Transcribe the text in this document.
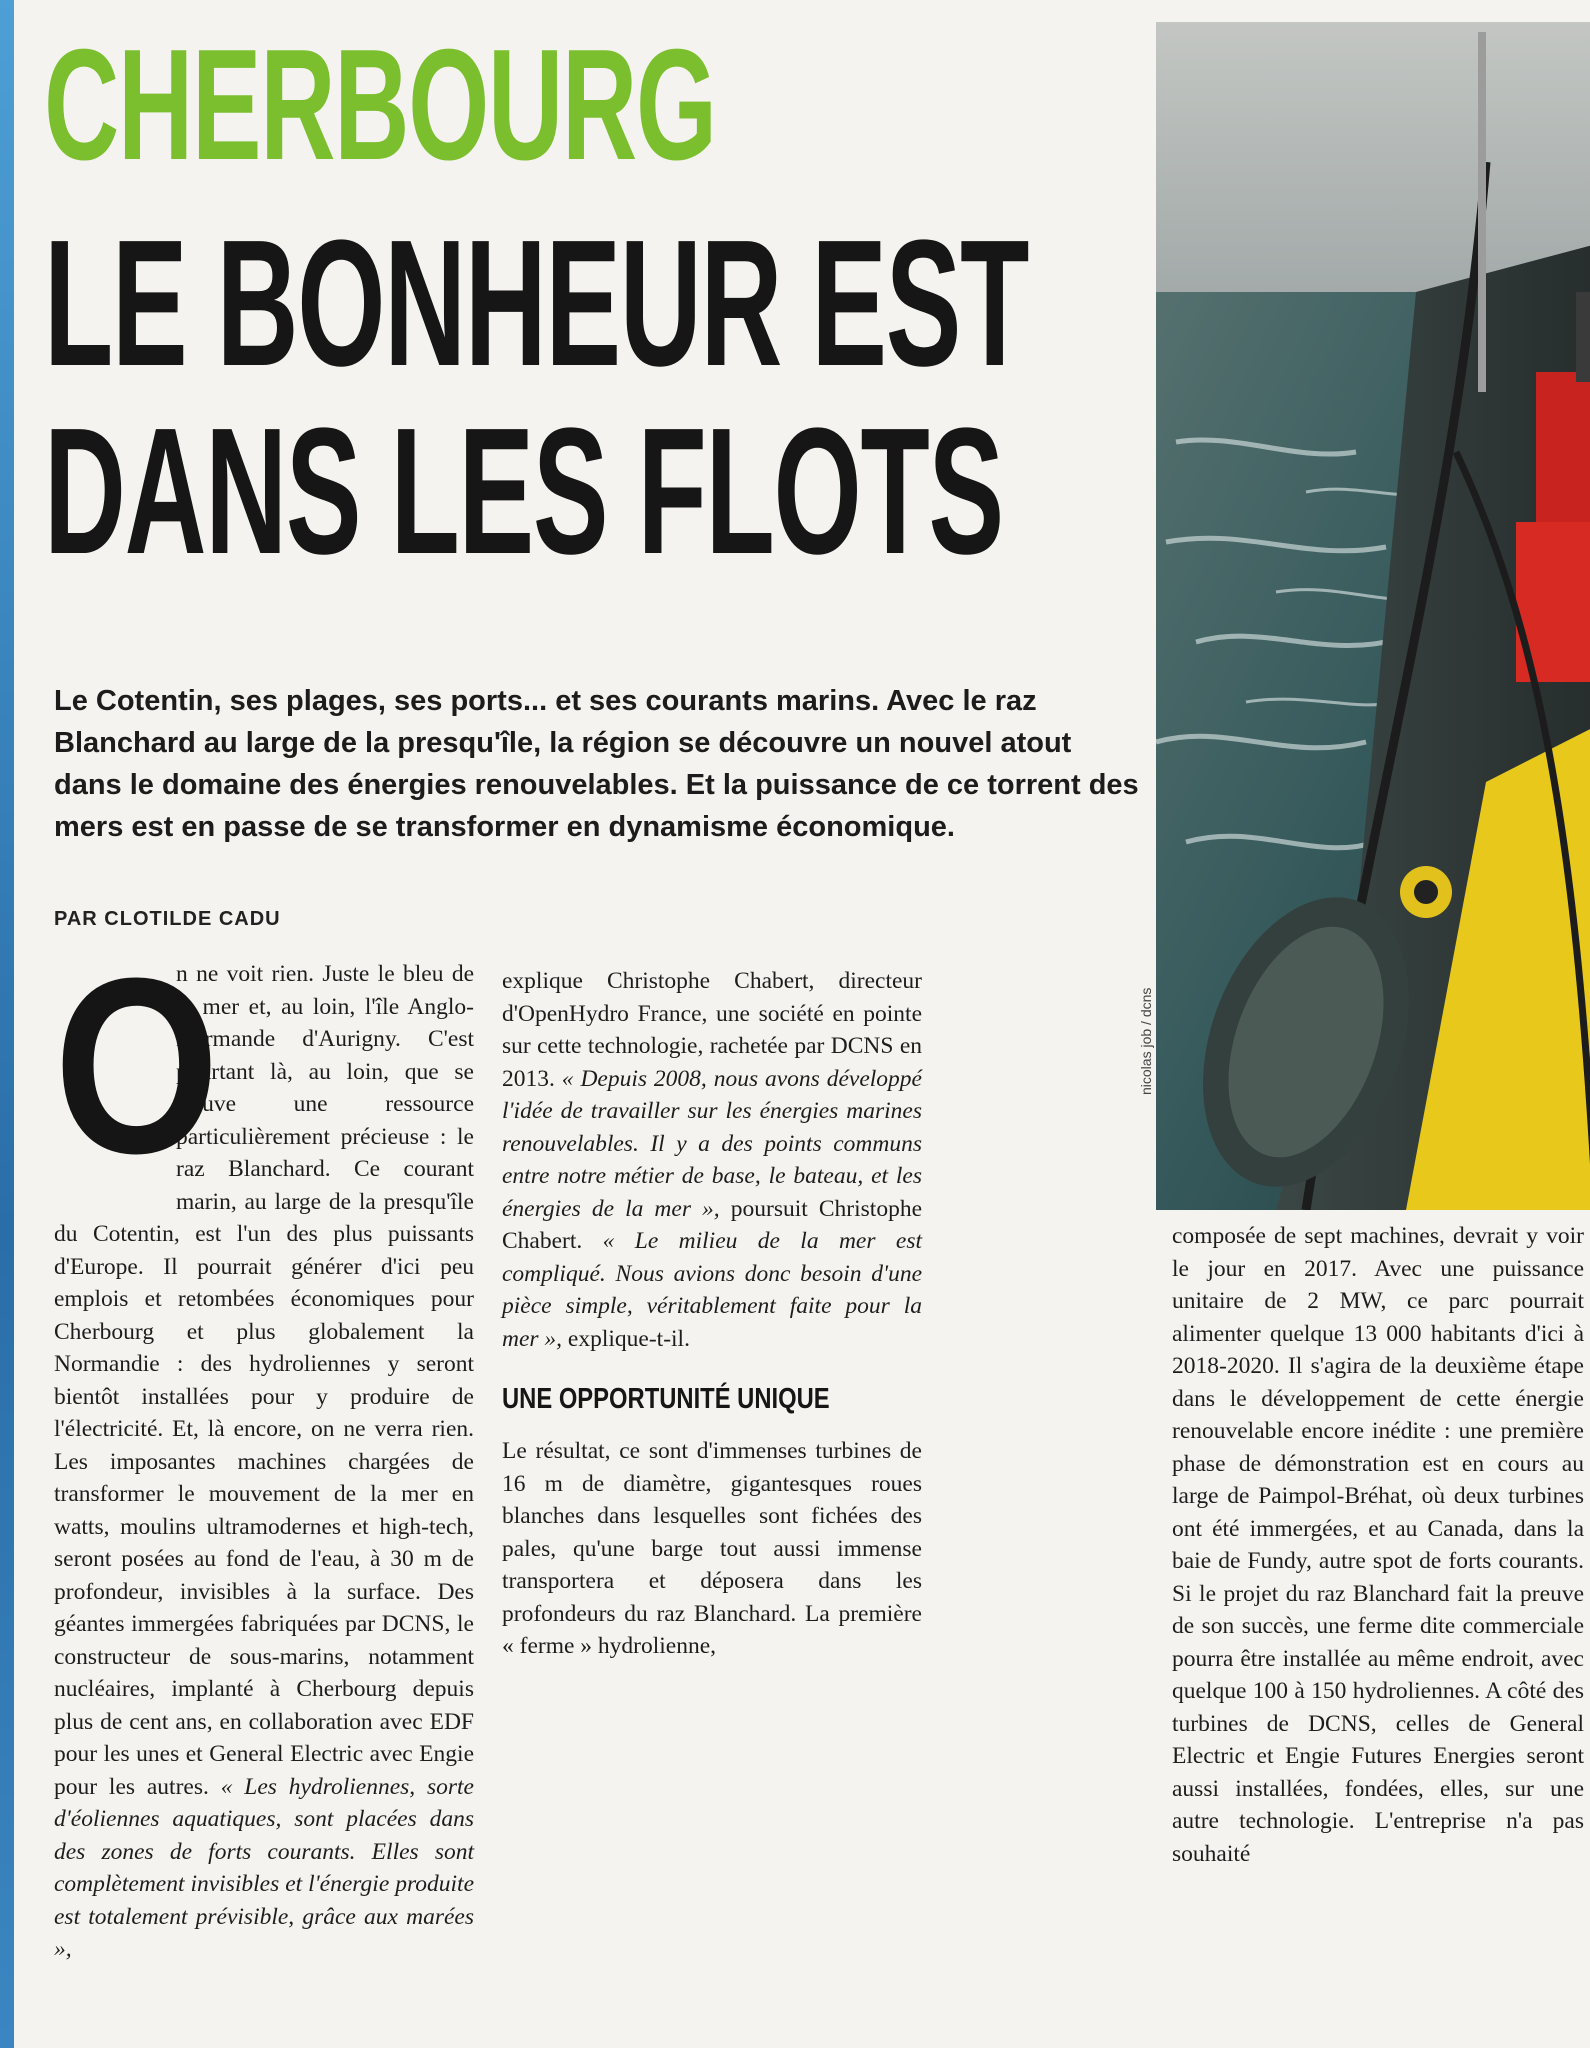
CHERBOURG
LE BONHEUR EST
DANS LES FLOTS
nicolas job / dcns

Le Cotentin, ses plages, ses ports... et ses courants marins. Avec le raz Blanchard au large de la presqu'île, la région se découvre un nouvel atout dans le domaine des énergies renouvelables. Et la puissance de ce torrent des mers est en passe de se transformer en dynamisme économique.

PAR CLOTILDE CADU

O

n ne voit rien. Juste le bleu de la mer et, au loin, l'île Anglo-Normande d'Aurigny. C'est pourtant là, au loin, que se trouve une ressource particulièrement précieuse : le raz Blanchard. Ce courant marin, au large de la presqu'île du Cotentin, est l'un des plus puissants d'Europe. Il pourrait générer d'ici peu emplois et retombées économiques pour Cherbourg et plus globalement la Normandie : des hydroliennes y seront bientôt installées pour y produire de l'électricité. Et, là encore, on ne verra rien. Les imposantes machines chargées de transformer le mouvement de la mer en watts, moulins ultramodernes et high-tech, seront posées au fond de l'eau, à 30 m de profondeur, invisibles à la surface. Des géantes immergées fabriquées par DCNS, le constructeur de sous-marins, notamment nucléaires, implanté à Cherbourg depuis plus de cent ans, en collaboration avec EDF pour les unes et General Electric avec Engie pour les autres. « Les hydroliennes, sorte d'éoliennes aquatiques, sont placées dans des zones de forts courants. Elles sont complètement invisibles et l'énergie produite est totalement prévisible, grâce aux marées »,

explique Christophe Chabert, directeur d'OpenHydro France, une société en pointe sur cette technologie, rachetée par DCNS en 2013. « Depuis 2008, nous avons développé l'idée de travailler sur les énergies marines renouvelables. Il y a des points communs entre notre métier de base, le bateau, et les énergies de la mer », poursuit Christophe Chabert. « Le milieu de la mer est compliqué. Nous avions donc besoin d'une pièce simple, véritablement faite pour la mer », explique-t-il.

UNE OPPORTUNITÉ UNIQUE

Le résultat, ce sont d'immenses turbines de 16 m de diamètre, gigantesques roues blanches dans lesquelles sont fichées des pales, qu'une barge tout aussi immense transportera et déposera dans les profondeurs du raz Blanchard. La première « ferme » hydrolienne,

composée de sept machines, devrait y voir le jour en 2017. Avec une puissance unitaire de 2 MW, ce parc pourrait alimenter quelque 13 000 habitants d'ici à 2018-2020. Il s'agira de la deuxième étape dans le développement de cette énergie renouvelable encore inédite : une première phase de démonstration est en cours au large de Paimpol-Bréhat, où deux turbines ont été immergées, et au Canada, dans la baie de Fundy, autre spot de forts courants. Si le projet du raz Blanchard fait la preuve de son succès, une ferme dite commerciale pourra être installée au même endroit, avec quelque 100 à 150 hydroliennes. A côté des turbines de DCNS, celles de General Electric et Engie Futures Energies seront aussi installées, fondées, elles, sur une autre technologie. L'entreprise n'a pas souhaité
